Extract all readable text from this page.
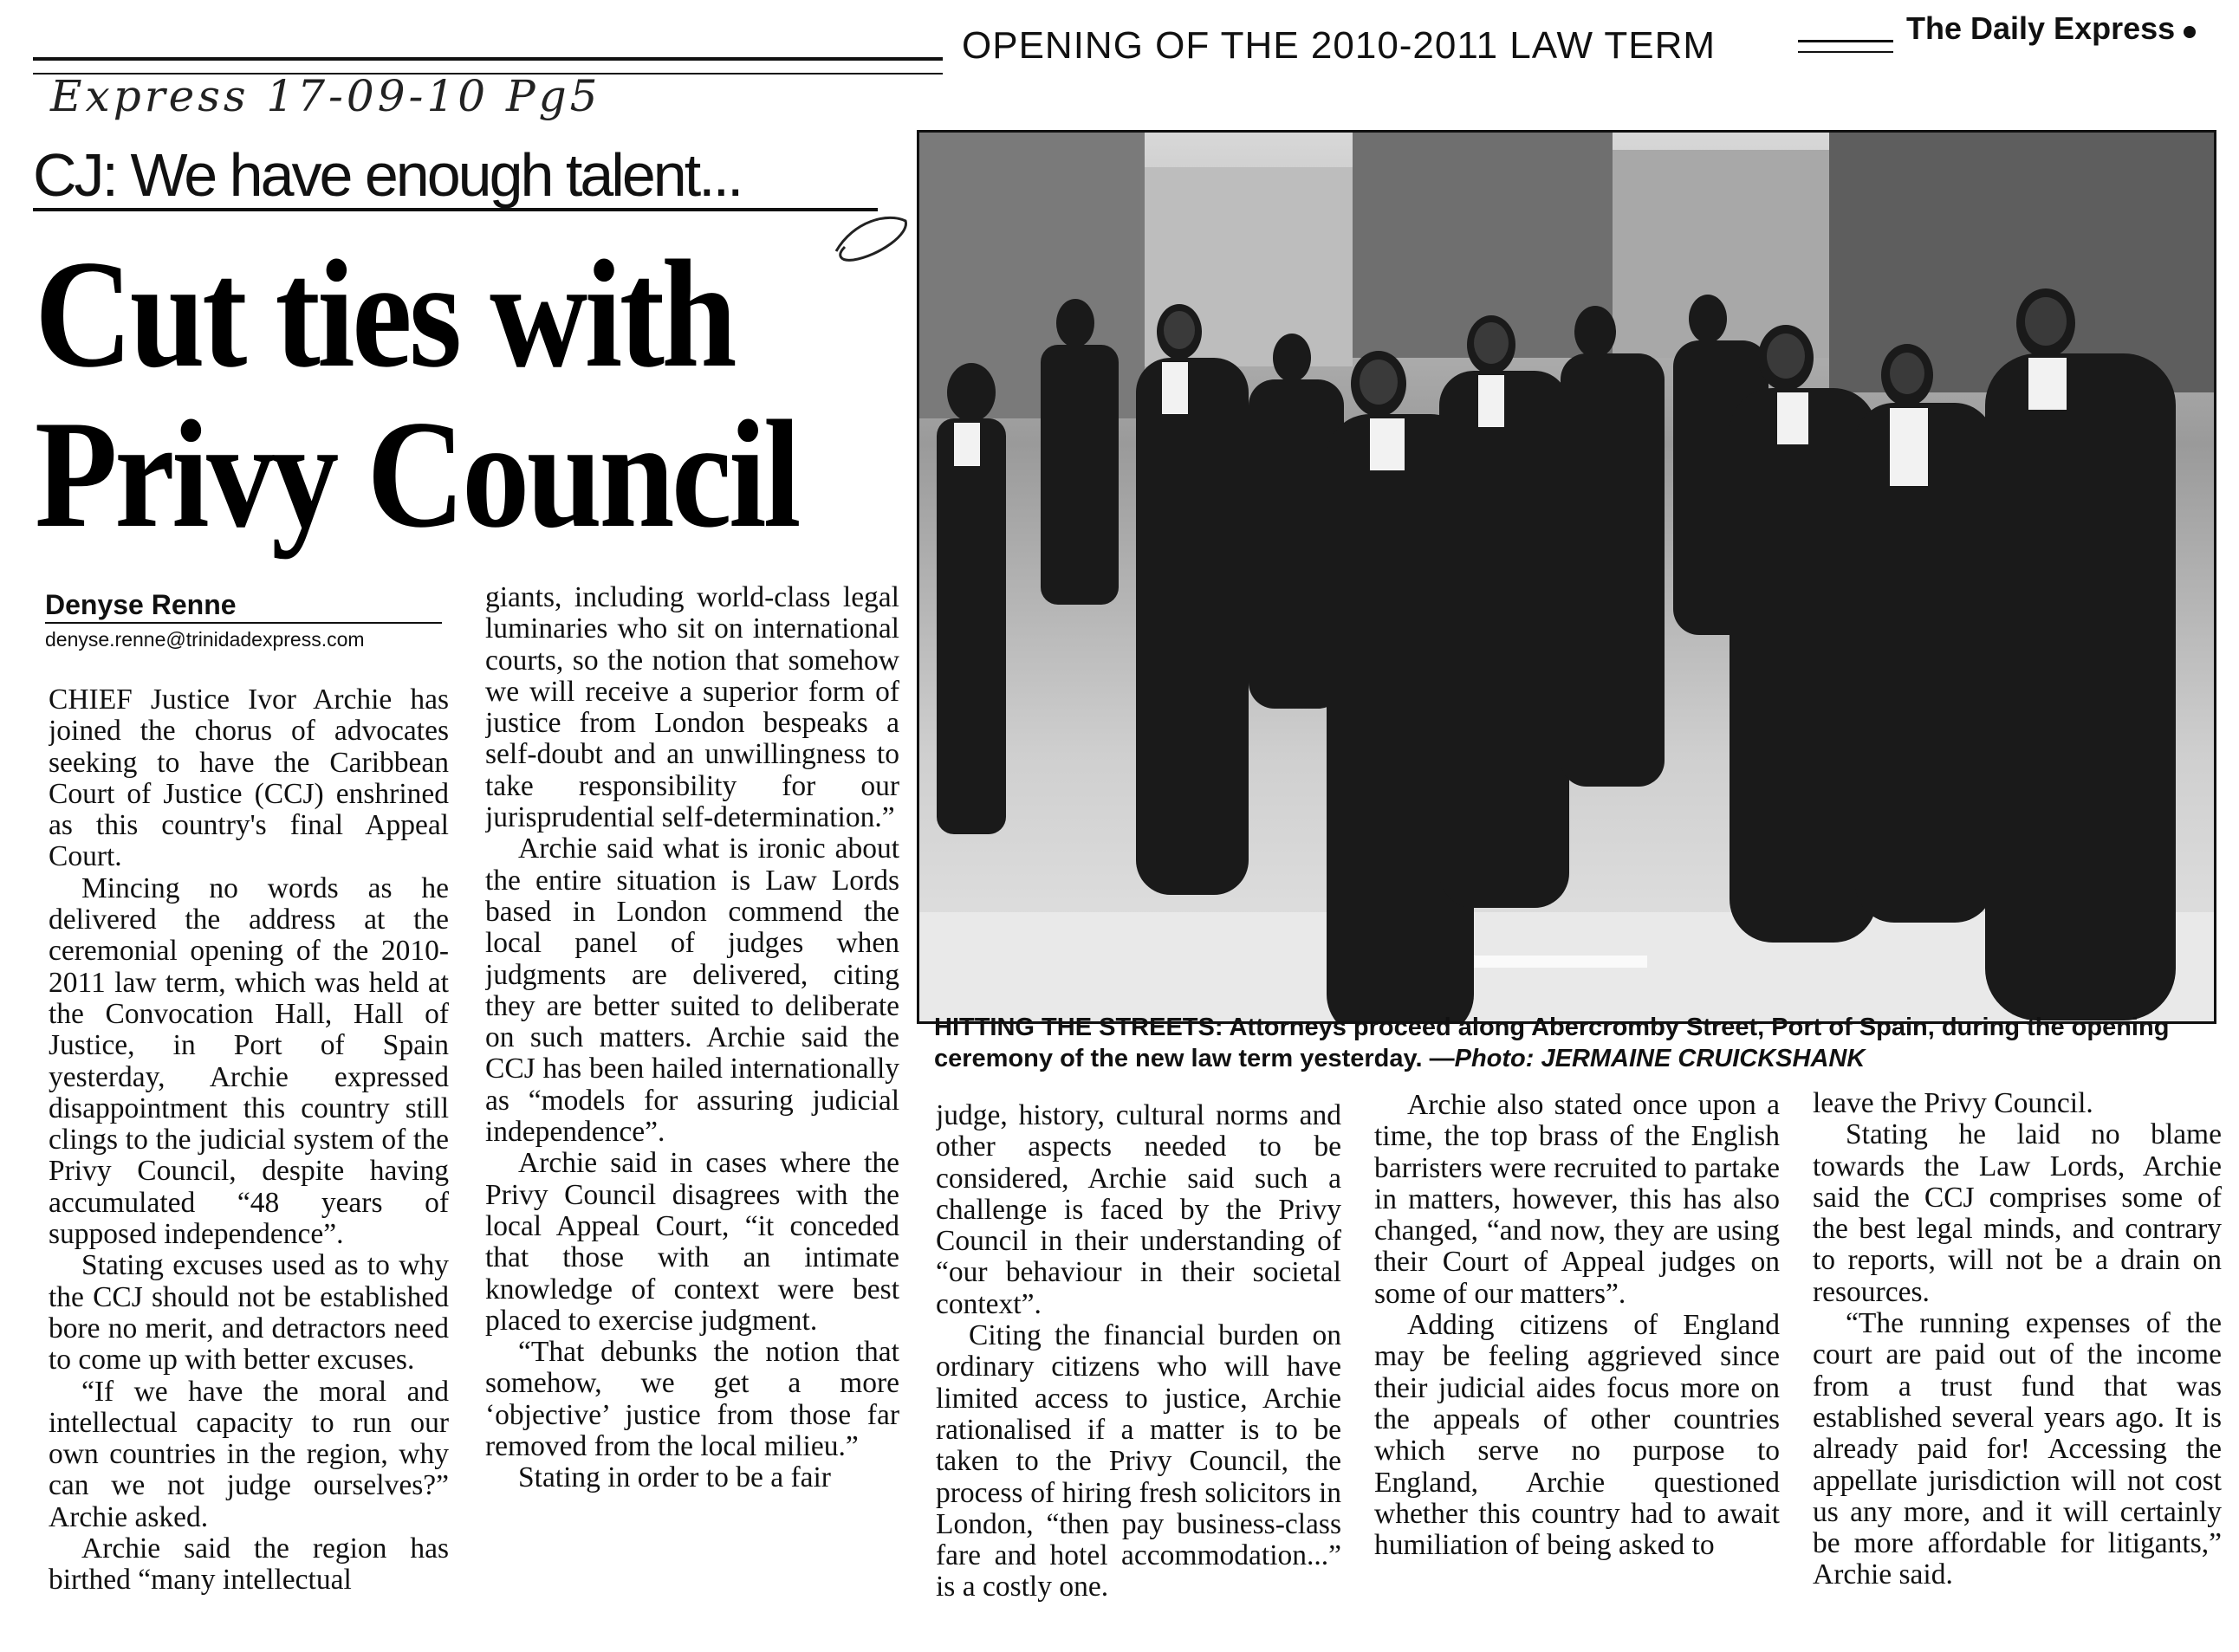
OPENING OF THE 2010-2011 LAW TERM	The Daily Express
Express 17-09-10 Pg5
CJ: We have enough talent...
Cut ties with
Privy Council
Denyse Renne
denyse.renne@trinidadexpress.com
HITTING THE STREETS: Attorneys proceed along Abercromby Street, Port of Spain, during the opening ceremony of the new law term yesterday. —Photo: JERMAINE CRUICKSHANK

CHIEF Justice Ivor Archie has joined the chorus of advocates seeking to have the Caribbean Court of Justice (CCJ) enshrined as this country's final Appeal Court.

Mincing no words as he delivered the address at the ceremonial opening of the 2010-2011 law term, which was held at the Convocation Hall, Hall of Justice, in Port of Spain yesterday, Archie expressed disappointment this country still clings to the judicial system of the Privy Council, despite having accumulated “48 years of supposed independence”.

Stating excuses used as to why the CCJ should not be established bore no merit, and detractors need to come up with better excuses.

“If we have the moral and intellectual capacity to run our own countries in the region, why can we not judge ourselves?” Archie asked.

Archie said the region has birthed “many intellectual

giants, including world-class legal luminaries who sit on international courts, so the notion that somehow we will receive a superior form of justice from London bespeaks a self-doubt and an unwillingness to take responsibility for our jurisprudential self-determination.”

Archie said what is ironic about the entire situation is Law Lords based in London commend the local panel of judges when judgments are delivered, citing they are better suited to deliberate on such matters. Archie said the CCJ has been hailed internationally as “models for assuring judicial independence”.

Archie said in cases where the Privy Council disagrees with the local Appeal Court, “it conceded that those with an intimate knowledge of context were best placed to exercise judgment.

“That debunks the notion that somehow, we get a more ‘objective’ justice from those far removed from the local milieu.”

Stating in order to be a fair

judge, history, cultural norms and other aspects needed to be considered, Archie said such a challenge is faced by the Privy Council in their understanding of “our behaviour in their societal context”.

Citing the financial burden on ordinary citizens who will have limited access to justice, Archie rationalised if a matter is to be taken to the Privy Council, the process of hiring fresh solicitors in London, “then pay business-class fare and hotel accommodation...” is a costly one.

Archie also stated once upon a time, the top brass of the English barristers were recruited to partake in matters, however, this has also changed, “and now, they are using their Court of Appeal judges on some of our matters”.

Adding citizens of England may be feeling aggrieved since their judicial aides focus more on the appeals of other countries which serve no purpose to England, Archie questioned whether this country had to await humiliation of being asked to

leave the Privy Council.

Stating he laid no blame towards the Law Lords, Archie said the CCJ comprises some of the best legal minds, and contrary to reports, will not be a drain on resources.

“The running expenses of the court are paid out of the income from a trust fund that was established several years ago. It is already paid for! Accessing the appellate jurisdiction will not cost us any more, and it will certainly be more affordable for litigants,” Archie said.
